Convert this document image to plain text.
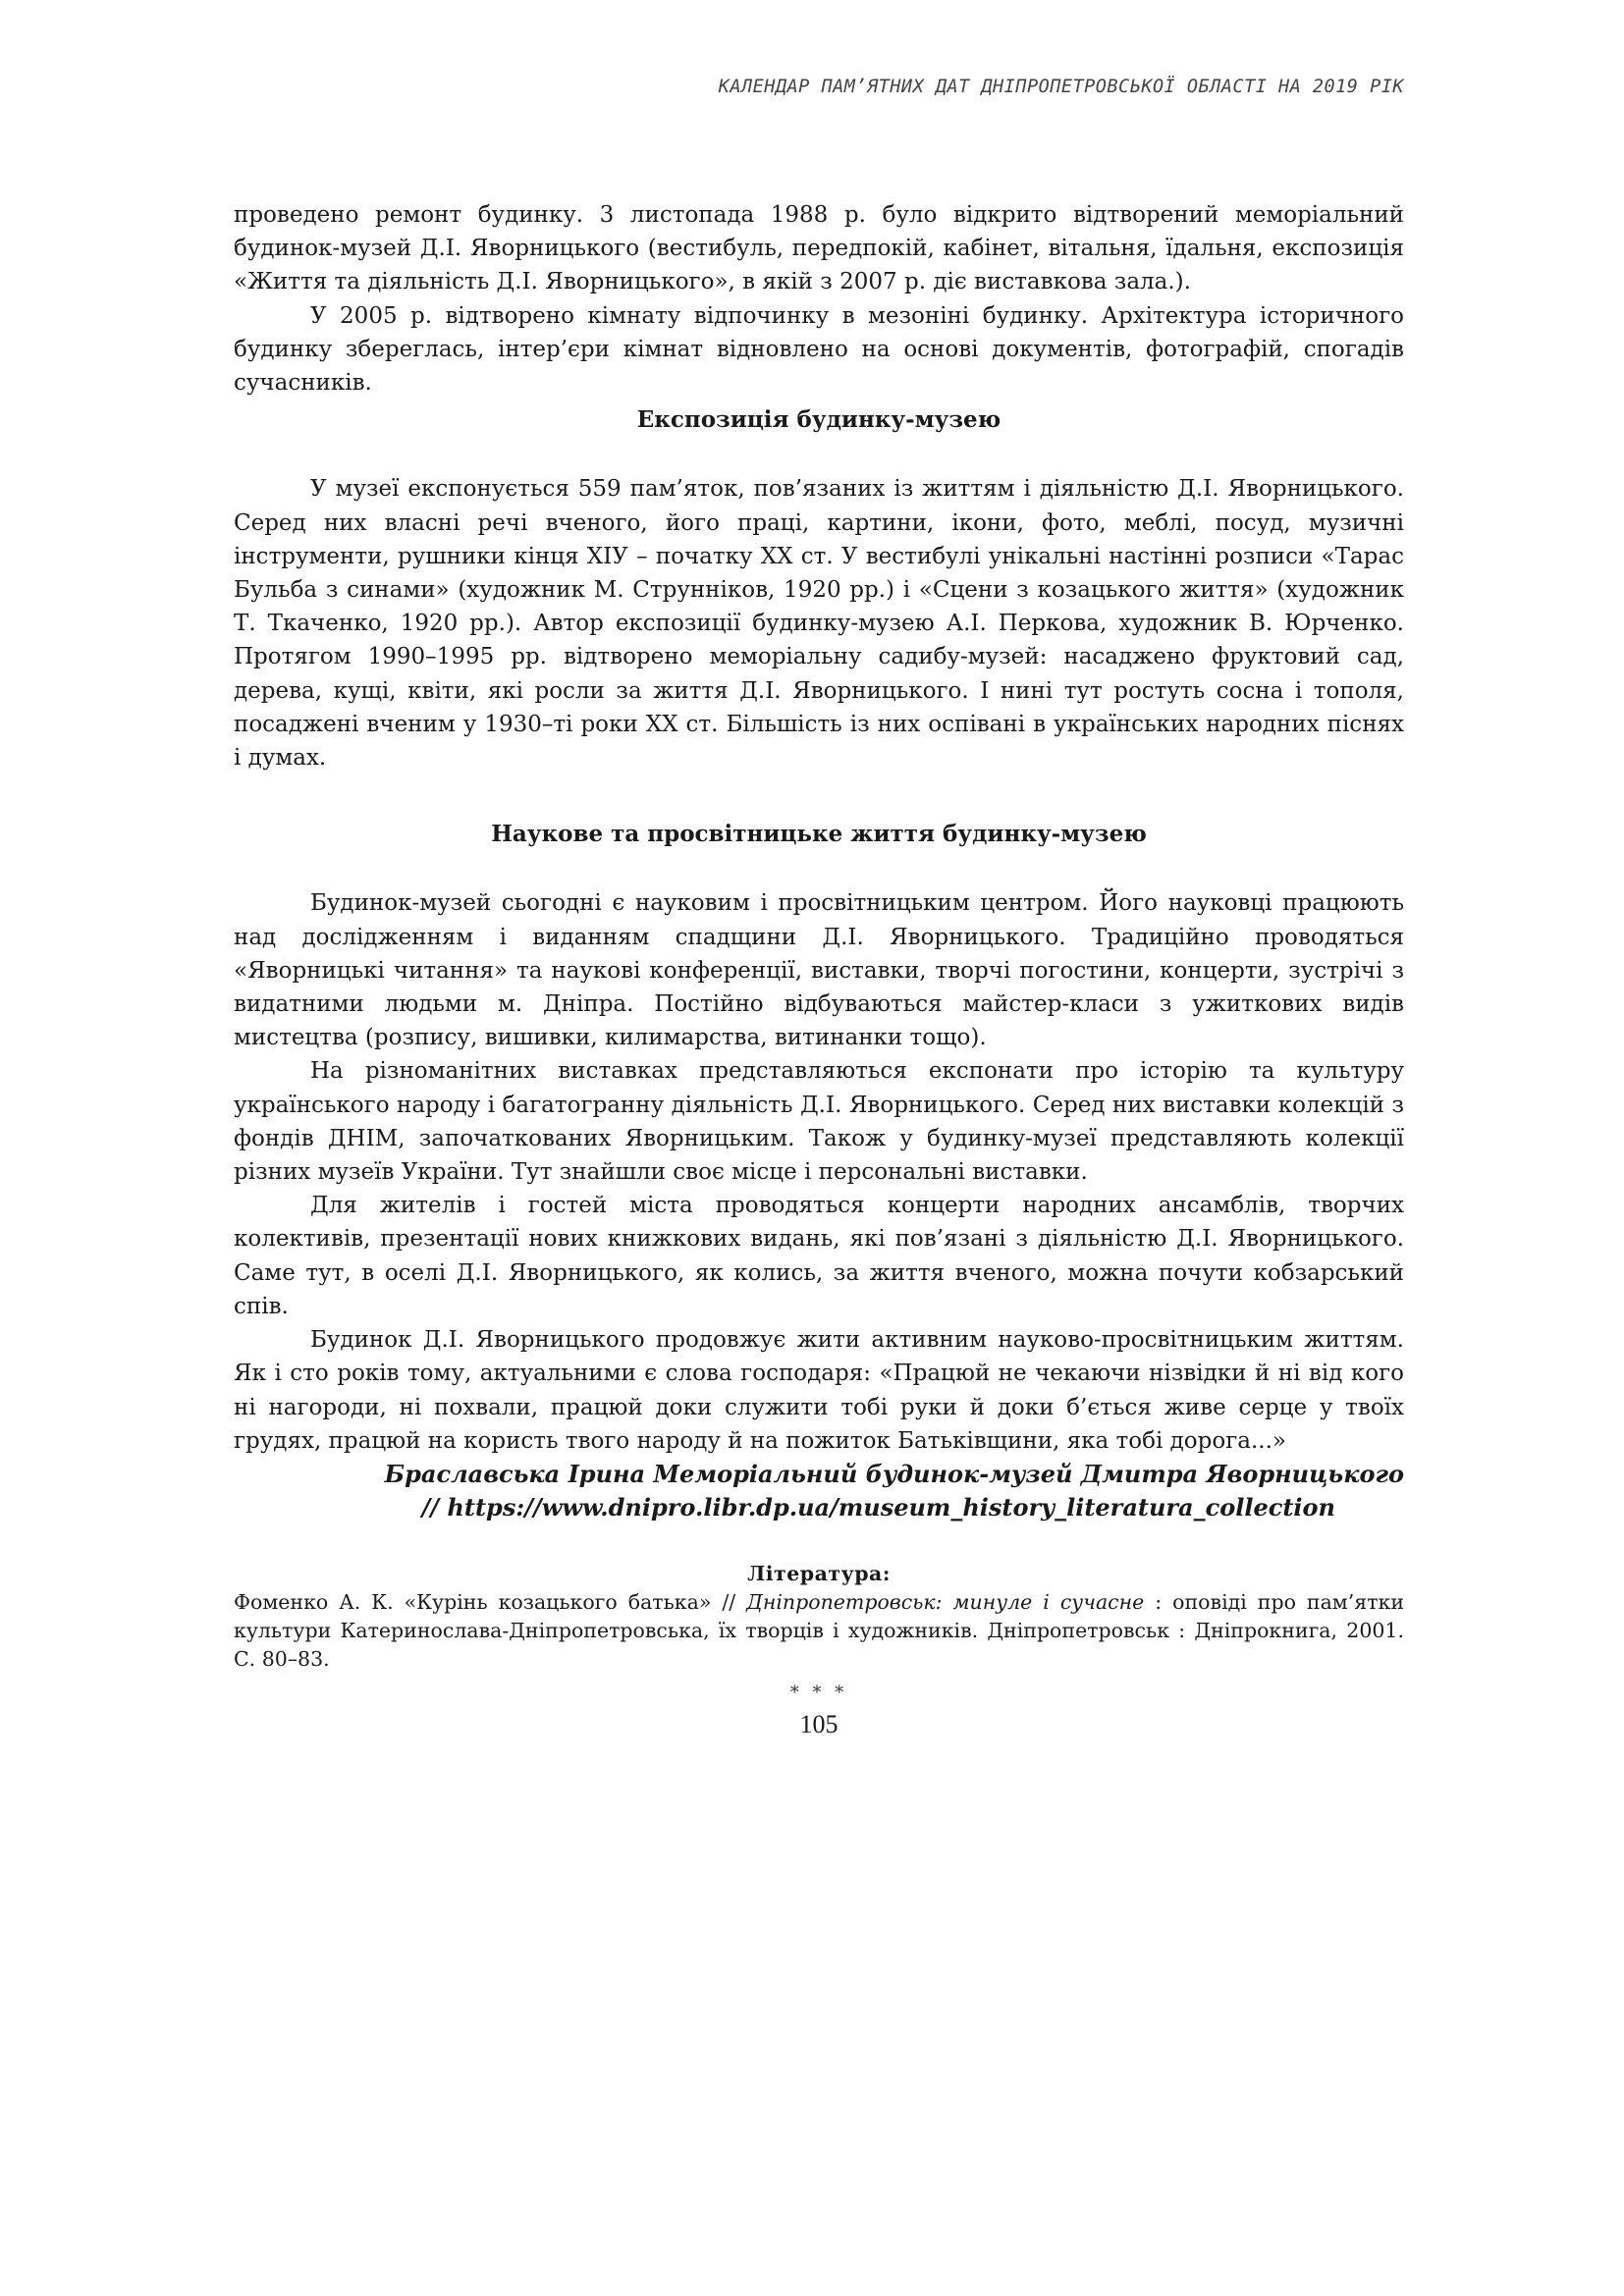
КАЛЕНДАР ПАМ’ЯТНИХ ДАТ ДНІПРОПЕТРОВСЬКОЇ ОБЛАСТІ НА 2019 РІК

проведено ремонт будинку. 3 листопада 1988 р. було відкрито відтворений меморіальний будинок-музей Д.І. Яворницького (вестибуль, передпокій, кабінет, вітальня, їдальня, експозиція «Життя та діяльність Д.І. Яворницького», в якій з 2007 р. діє виставкова зала.).

У 2005 р. відтворено кімнату відпочинку в мезоніні будинку. Архітектура історичного будинку збереглась, інтер’єри кімнат відновлено на основі документів, фотографій, спогадів сучасників.

Експозиція будинку-музею

У музеї експонується 559 пам’яток, пов’язаних із життям і діяльністю Д.І. Яворницького. Серед них власні речі вченого, його праці, картини, ікони, фото, меблі, посуд, музичні інструменти, рушники кінця ХІУ – початку ХХ ст. У вестибулі унікальні настінні розписи «Тарас Бульба з синами» (художник М. Струнніков, 1920 рр.) і «Сцени з козацького життя» (художник Т. Ткаченко, 1920 рр.). Автор експозиції будинку-музею А.І. Перкова, художник В. Юрченко. Протягом 1990–1995 рр. відтворено меморіальну садибу-музей: насаджено фруктовий сад, дерева, кущі, квіти, які росли за життя Д.І. Яворницького. І нині тут ростуть сосна і тополя, посаджені вченим у 1930–ті роки ХХ ст. Більшість із них оспівані в українських народних піснях і думах.

Наукове та просвітницьке життя будинку-музею

Будинок-музей сьогодні є науковим і просвітницьким центром. Його науковці працюють над дослідженням і виданням спадщини Д.І. Яворницького. Традиційно проводяться «Яворницькі читання» та наукові конференції, виставки, творчі погостини, концерти, зустрічі з видатними людьми м. Дніпра. Постійно відбуваються майстер-класи з ужиткових видів мистецтва (розпису, вишивки, килимарства, витинанки тощо).

На різноманітних виставках представляються експонати про історію та культуру українського народу і багатогранну діяльність Д.І. Яворницького. Серед них виставки колекцій з фондів ДНІМ, започаткованих Яворницьким. Також у будинку-музеї представляють колекції різних музеїв України. Тут знайшли своє місце і персональні виставки.

Для жителів і гостей міста проводяться концерти народних ансамблів, творчих колективів, презентації нових книжкових видань, які пов’язані з діяльністю Д.І. Яворницького. Саме тут, в оселі Д.І. Яворницького, як колись, за життя вченого, можна почути кобзарський спів.

Будинок Д.І. Яворницького продовжує жити активним науково-просвітницьким життям. Як і сто років тому, актуальними є слова господаря: «Працюй не чекаючи нізвідки й ні від кого ні нагороди, ні похвали, працюй доки служити тобі руки й доки б’ється живе серце у твоїх грудях, працюй на користь твого народу й на пожиток Батьківщини, яка тобі дорога...»

Браславська Ірина Меморіальний будинок-музей Дмитра Яворницького

// https://www.dnipro.libr.dp.ua/museum_history_literatura_collection
Література:

Фоменко А. К. «Курінь козацького батька» // Дніпропетровськ: минуле і сучасне : оповіді про пам’ятки культури Катеринослава-Дніпропетровська, їх творців і художників. Дніпропетровськ : Дніпрокнига, 2001. С. 80–83.

* * *
105
